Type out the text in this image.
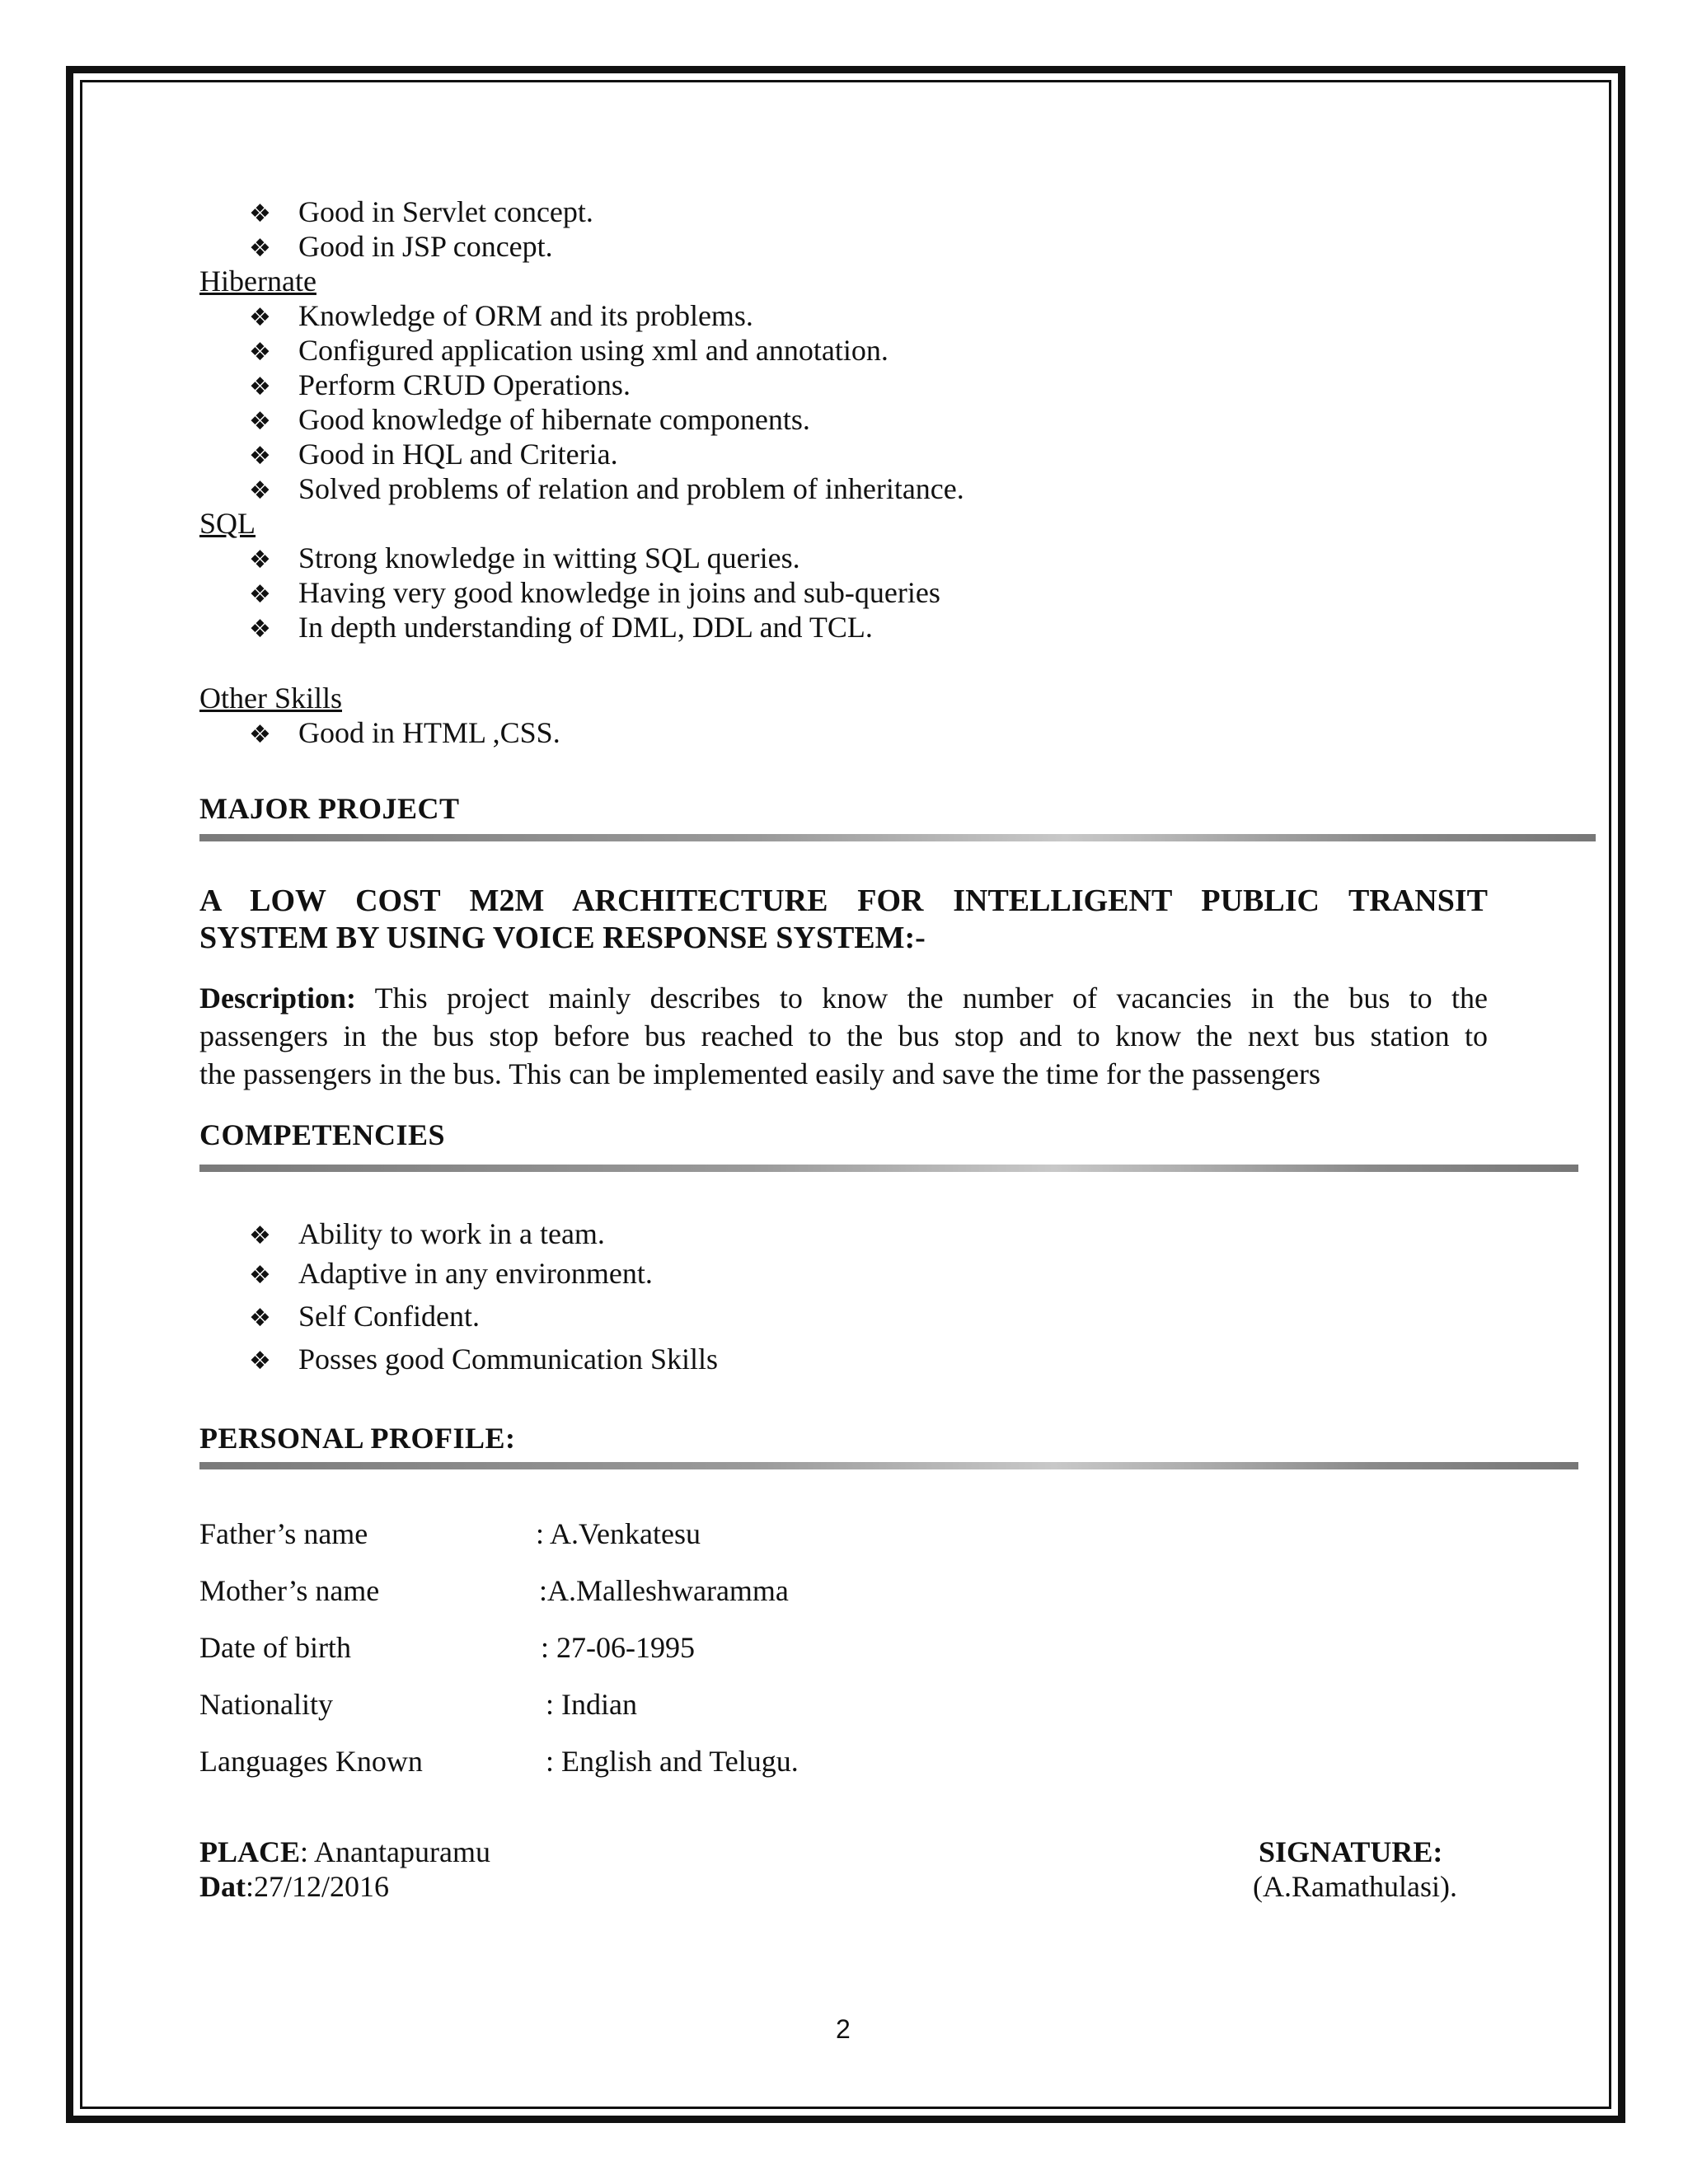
❖ Good in Servlet concept.
❖ Good in JSP concept.
Hibernate
❖ Knowledge of ORM and its problems.
❖ Configured application using xml and annotation.
❖ Perform CRUD Operations.
❖ Good knowledge of hibernate components.
❖ Good in HQL and Criteria.
❖ Solved problems of relation and problem of inheritance.
SQL
❖ Strong knowledge in witting SQL queries.
❖ Having very good knowledge in joins and sub-queries
❖ In depth understanding of DML, DDL and TCL.
Other Skills
❖ Good in HTML ,CSS.
MAJOR PROJECT
A LOW COST M2M ARCHITECTURE FOR INTELLIGENT PUBLIC TRANSIT
SYSTEM BY USING VOICE RESPONSE SYSTEM:-
Description: This project mainly describes to know the number of vacancies in the bus to the
passengers in the bus stop before bus reached to the bus stop and to know the next bus station to
the passengers in the bus. This can be implemented easily and save the time for the passengers
COMPETENCIES
❖ Ability to work in a team.
❖ Adaptive in any environment.
❖ Self Confident.
❖ Posses good Communication Skills
PERSONAL PROFILE:
Father’s name	: A.Venkatesu
Mother’s name	:A.Malleshwaramma
Date of birth	: 27-06-1995
Nationality	: Indian
Languages Known	: English and Telugu.
PLACE: Anantapuramu
Dat:27/12/2016
SIGNATURE:
(A.Ramathulasi).
2
